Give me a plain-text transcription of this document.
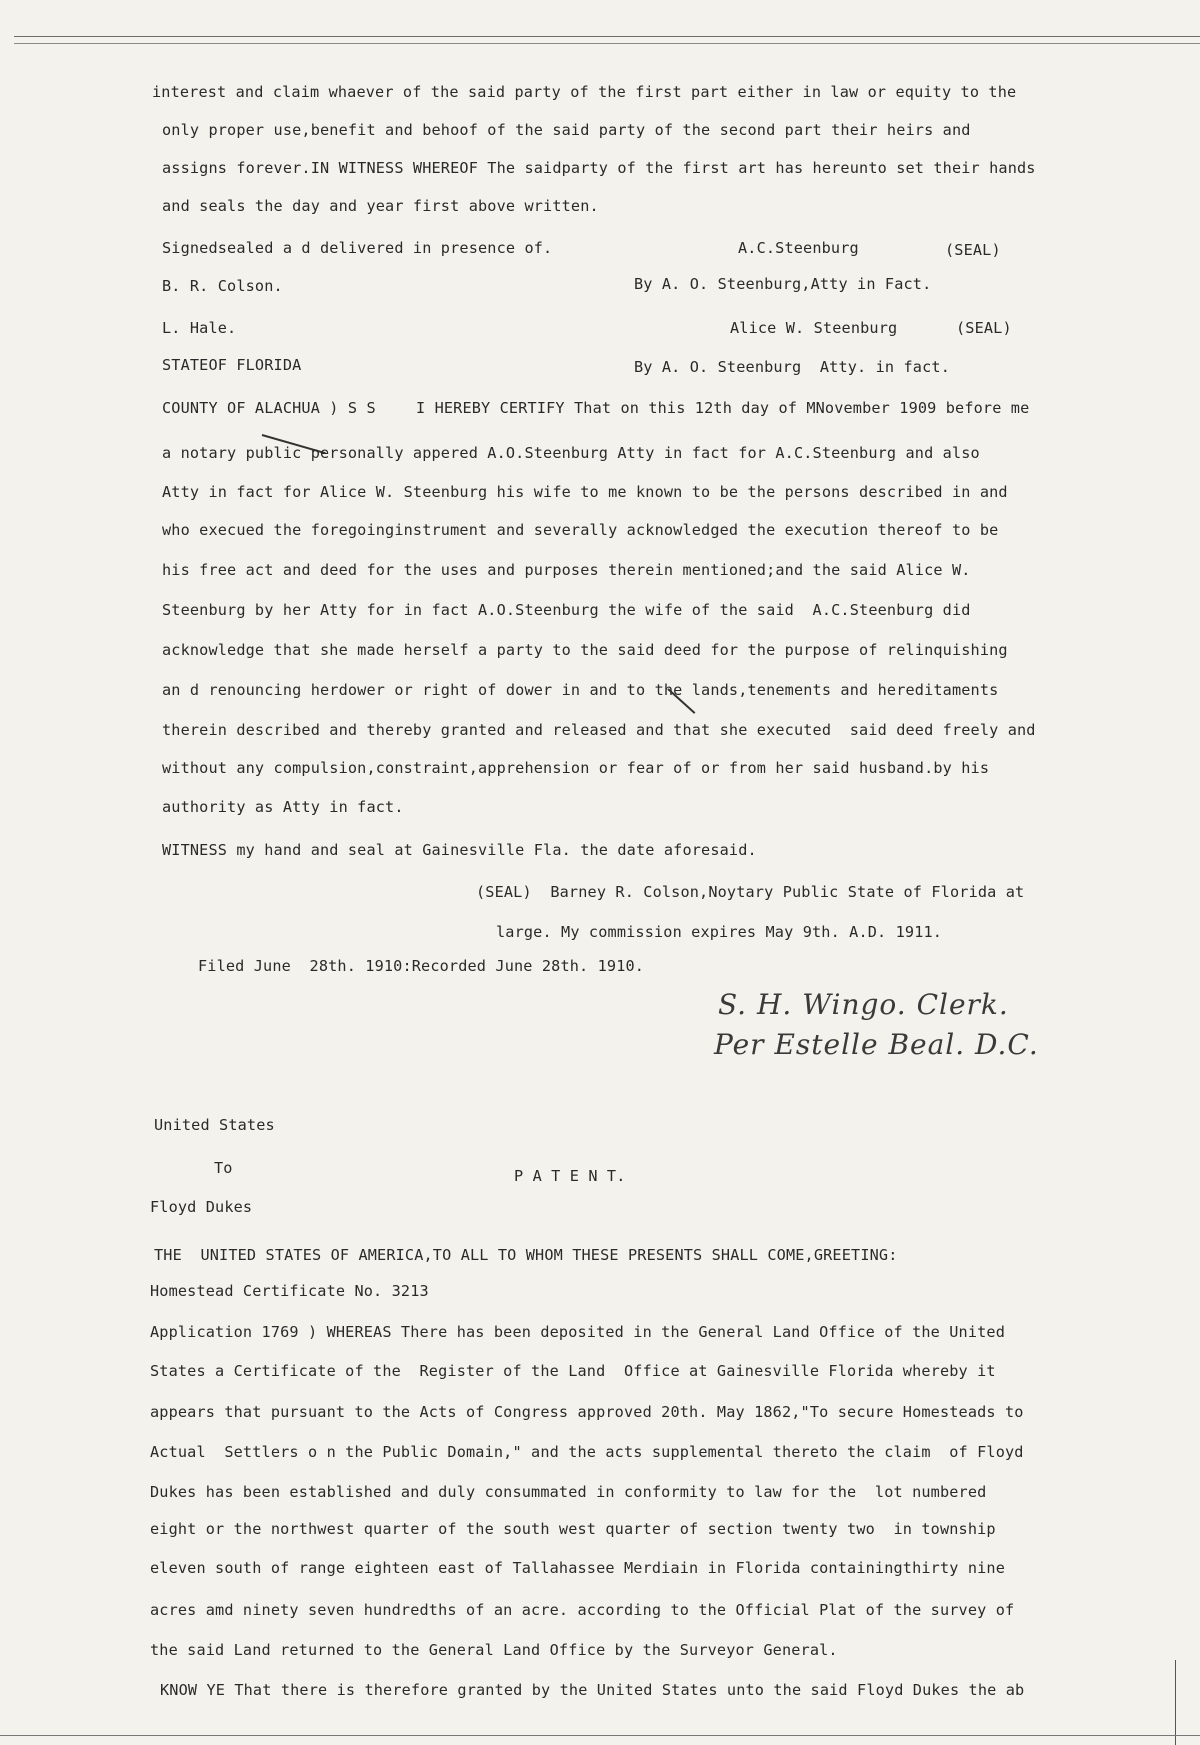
interest and claim whaever of the said party of the first part either in law or equity to the
only proper use,benefit and behoof of the said party of the second part their heirs and
assigns forever.IN WITNESS WHEREOF The saidparty of the first art has hereunto set their hands
and seals the day and year first above written.
Signedsealed a d delivered in presence of.	A.C.Steenburg	(SEAL)
B. R. Colson.	By A. O. Steenburg,Atty in Fact.
L. Hale.	Alice W. Steenburg	(SEAL)
STATEOF FLORIDA	By A. O. Steenburg  Atty. in fact.
COUNTY OF ALACHUA ) S S	I HEREBY CERTIFY That on this 12th day of MNovember 1909 before me
a notary public personally appered A.O.Steenburg Atty in fact for A.C.Steenburg and also
Atty in fact for Alice W. Steenburg his wife to me known to be the persons described in and
who execued the foregoinginstrument and severally acknowledged the execution thereof to be
his free act and deed for the uses and purposes therein mentioned;and the said Alice W.
Steenburg by her Atty for in fact A.O.Steenburg the wife of the said  A.C.Steenburg did
acknowledge that she made herself a party to the said deed for the purpose of relinquishing
an d renouncing herdower or right of dower in and to the lands,tenements and hereditaments
therein described and thereby granted and released and that she executed  said deed freely and
without any compulsion,constraint,apprehension or fear of or from her said husband.by his
authority as Atty in fact.
WITNESS my hand and seal at Gainesville Fla. the date aforesaid.
(SEAL)  Barney R. Colson,Noytary Public State of Florida at
large. My commission expires May 9th. A.D. 1911.
Filed June  28th. 1910:Recorded June 28th. 1910.
S. H. Wingo. Clerk.
Per Estelle Beal. D.C.
United States
To	P A T E N T.
Floyd Dukes
THE  UNITED STATES OF AMERICA,TO ALL TO WHOM THESE PRESENTS SHALL COME,GREETING:
Homestead Certificate No. 3213
Application 1769 ) WHEREAS There has been deposited in the General Land Office of the United
States a Certificate of the  Register of the Land  Office at Gainesville Florida whereby it
appears that pursuant to the Acts of Congress approved 20th. May 1862,"To secure Homesteads to
Actual  Settlers o n the Public Domain," and the acts supplemental thereto the claim  of Floyd
Dukes has been established and duly consummated in conformity to law for the  lot numbered
eight or the northwest quarter of the south west quarter of section twenty two  in township
eleven south of range eighteen east of Tallahassee Merdiain in Florida containingthirty nine
acres amd ninety seven hundredths of an acre. according to the Official Plat of the survey of
the said Land returned to the General Land Office by the Surveyor General.
KNOW YE That there is therefore granted by the United States unto the said Floyd Dukes the ab
